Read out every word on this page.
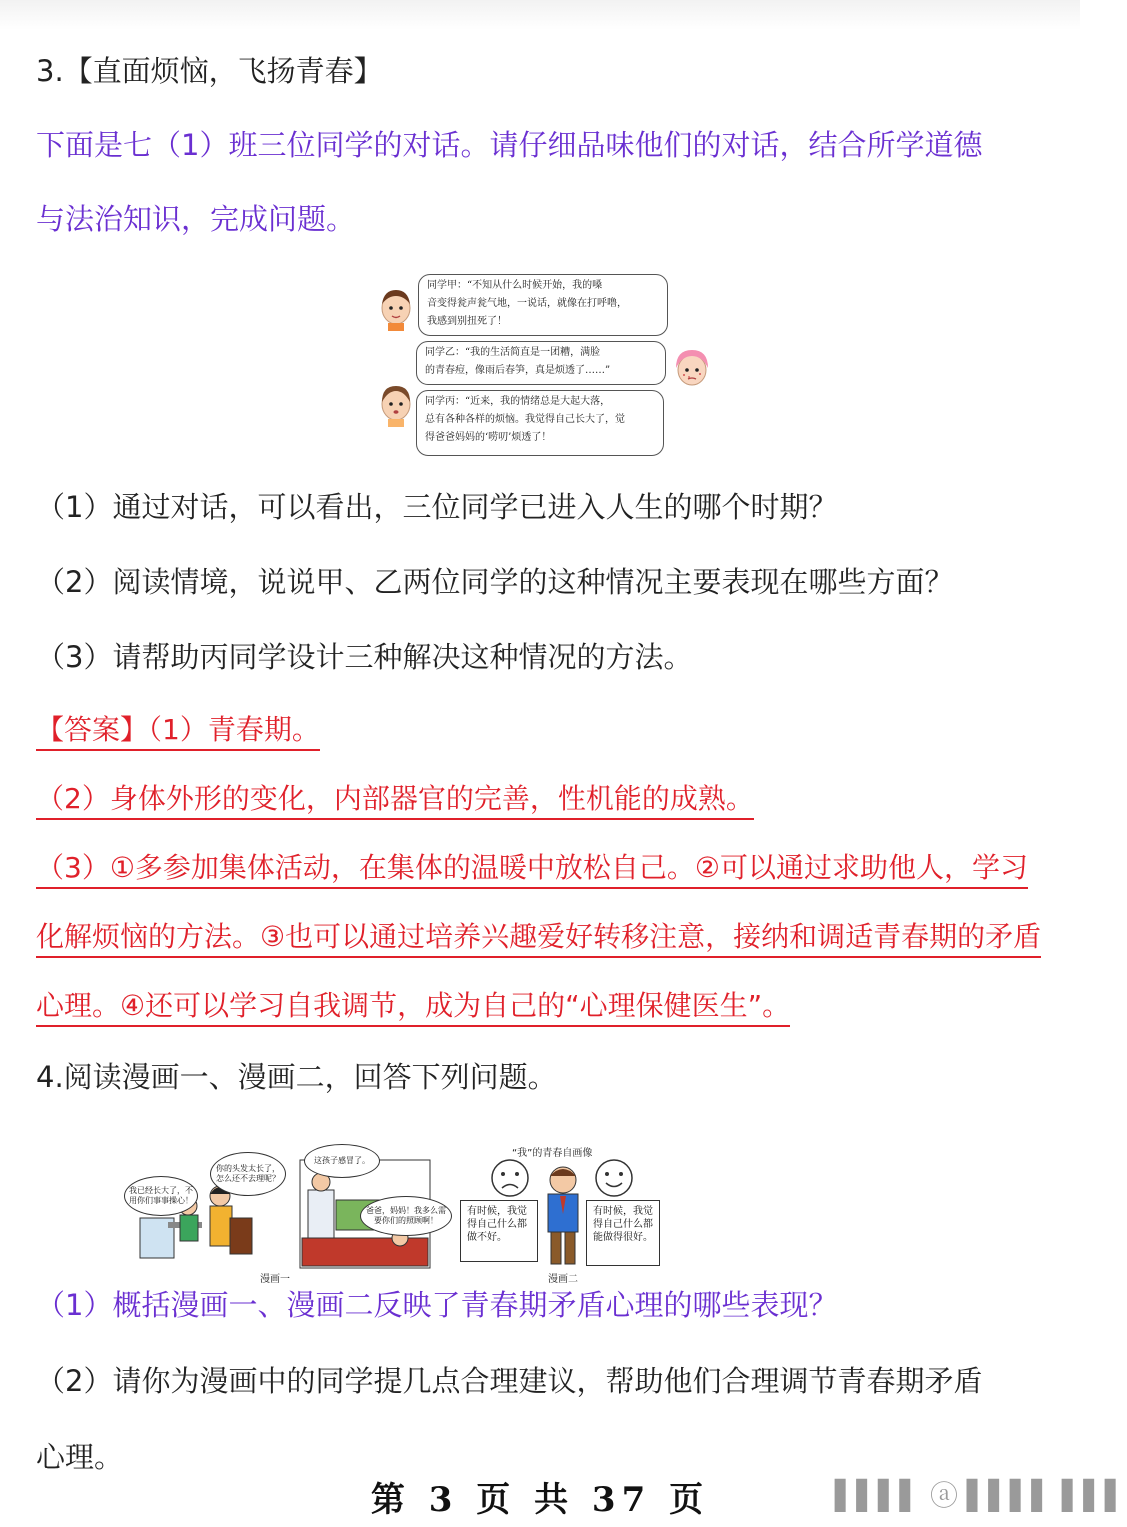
3.【直面烦恼，飞扬青春】
下面是七（1）班三位同学的对话。请仔细品味他们的对话，结合所学道德
与法治知识，完成问题。
同学甲：“不知从什么时候开始，我的嗓
音变得瓮声瓮气地，一说话，就像在打呼噜，
我感到别扭死了！
同学乙：“我的生活简直是一团糟，满脸
的青春痘，像雨后春笋，真是烦透了……”
同学丙：“近来，我的情绪总是大起大落，
总有各种各样的烦恼。我觉得自己长大了，觉
得爸爸妈妈的‘唠叨’烦透了！
（1）通过对话，可以看出，三位同学已进入人生的哪个时期？
（2）阅读情境，说说甲、乙两位同学的这种情况主要表现在哪些方面？
（3）请帮助丙同学设计三种解决这种情况的方法。
【答案】（1）青春期。
（2）身体外形的变化，内部器官的完善，性机能的成熟。
（3）①多参加集体活动，在集体的温暖中放松自己。②可以通过求助他人，学习
化解烦恼的方法。③也可以通过培养兴趣爱好转移注意，接纳和调适青春期的矛盾
心理。④还可以学习自我调节，成为自己的“心理保健医生”。
4.阅读漫画一、漫画二，回答下列问题。
我已经长大了，不用你们事事操心！
你的头发太长了，怎么还不去理呢？
这孩子感冒了。
爸爸，妈妈！我多么需要你们的照顾啊！
漫画一
“我”的青春自画像
有时候，我觉得自己什么都做不好。
有时候，我觉得自己什么都能做得很好。
漫画二
（1）概括漫画一、漫画二反映了青春期矛盾心理的哪些表现？
（2）请你为漫画中的同学提几点合理建议，帮助他们合理调节青春期矛盾
心理。
第 3 页 共 37 页	▌▌▌▌ ⓐ ▌▌▌▌ ▌▌▌
